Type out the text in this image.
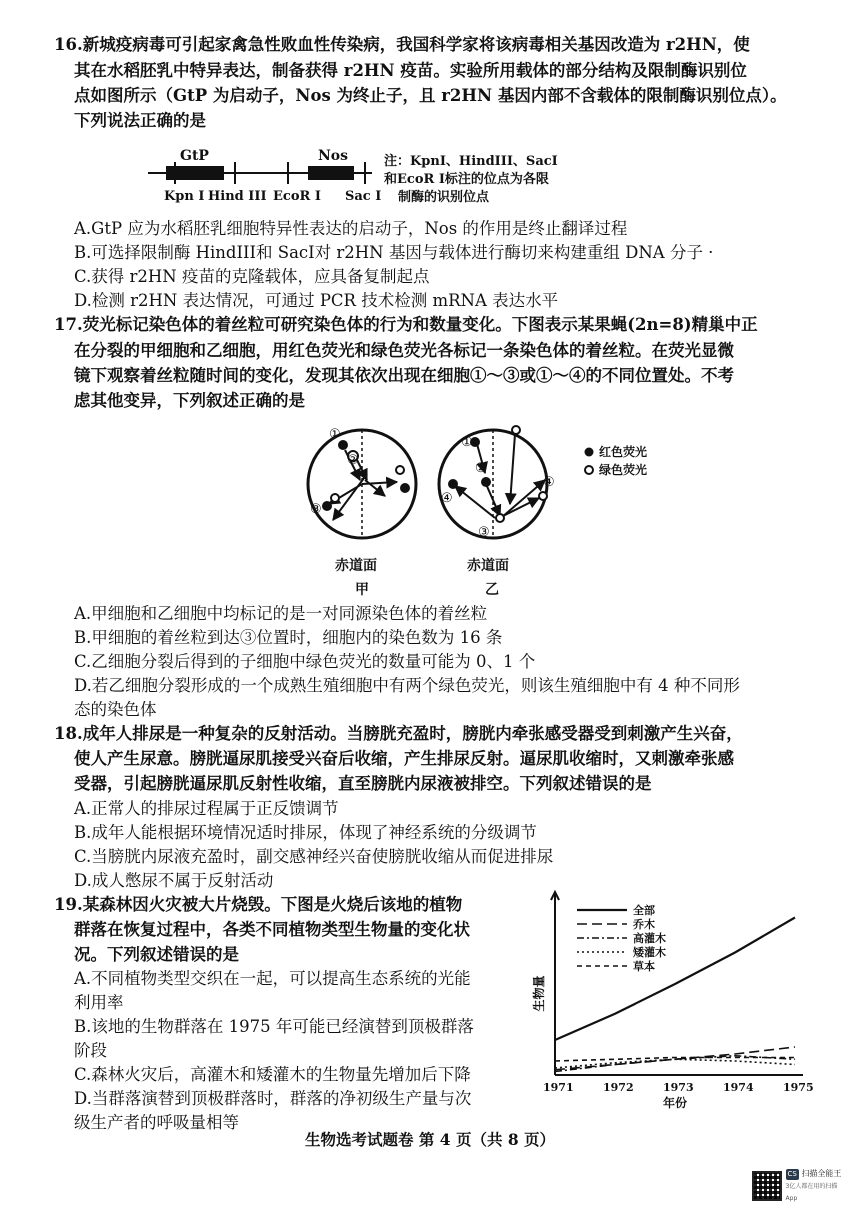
16.新城疫病毒可引起家禽急性败血性传染病，我国科学家将该病毒相关基因改造为 r2HN，使
其在水稻胚乳中特异表达，制备获得 r2HN 疫苗。实验所用载体的部分结构及限制酶识别位
点如图所示（GtP 为启动子，Nos 为终止子，且 r2HN 基因内部不含载体的限制酶识别位点）。
下列说法正确的是
GtP	Nos
Kpn I Hind III EcoR I Sac I
注：KpnI、HindIII、SacI
和EcoR I标注的位点为各限
制酶的识别位点
A.GtP 应为水稻胚乳细胞特异性表达的启动子，Nos 的作用是终止翻译过程
B.可选择限制酶 HindIII和 SacI对 r2HN 基因与载体进行酶切来构建重组 DNA 分子 ·
C.获得 r2HN 疫苗的克隆载体，应具备复制起点
D.检测 r2HN 表达情况，可通过 PCR 技术检测 mRNA 表达水平
17.荧光标记染色体的着丝粒可研究染色体的行为和数量变化。下图表示某果蝇(2n=8)精巢中正
在分裂的甲细胞和乙细胞，用红色荧光和绿色荧光各标记一条染色体的着丝粒。在荧光显微
镜下观察着丝粒随时间的变化，发现其依次出现在细胞①～③或①～④的不同位置处。不考
虑其他变异，下列叙述正确的是
①
②
③
①
②
③
④
④
红色荧光
绿色荧光
赤道面	赤道面
甲	乙
A.甲细胞和乙细胞中均标记的是一对同源染色体的着丝粒
B.甲细胞的着丝粒到达③位置时，细胞内的染色数为 16 条
C.乙细胞分裂后得到的子细胞中绿色荧光的数量可能为 0、1 个
D.若乙细胞分裂形成的一个成熟生殖细胞中有两个绿色荧光，则该生殖细胞中有 4 种不同形
态的染色体
18.成年人排尿是一种复杂的反射活动。当膀胱充盈时，膀胱内牵张感受器受到刺激产生兴奋，
使人产生尿意。膀胱逼尿肌接受兴奋后收缩，产生排尿反射。逼尿肌收缩时，又刺激牵张感
受器，引起膀胱逼尿肌反射性收缩，直至膀胱内尿液被排空。下列叙述错误的是
A.正常人的排尿过程属于正反馈调节
B.成年人能根据环境情况适时排尿，体现了神经系统的分级调节
C.当膀胱内尿液充盈时，副交感神经兴奋使膀胱收缩从而促进排尿
D.成人憋尿不属于反射活动
19.某森林因火灾被大片烧毁。下图是火烧后该地的植物
群落在恢复过程中，各类不同植物类型生物量的变化状
况。下列叙述错误的是
A.不同植物类型交织在一起，可以提高生态系统的光能
利用率
B.该地的生物群落在 1975 年可能已经演替到顶极群落
阶段
C.森林火灾后，高灌木和矮灌木的生物量先增加后下降
D.当群落演替到顶极群落时，群落的净初级生产量与次
级生产者的呼吸量相等
1971	1972	1973	1974	1975
年份
生物量
全部
乔木
高灌木
矮灌木
草本
生物选考试题卷 第 4 页（共 8 页）
CS 扫描全能王
3亿人都在用的扫描App
